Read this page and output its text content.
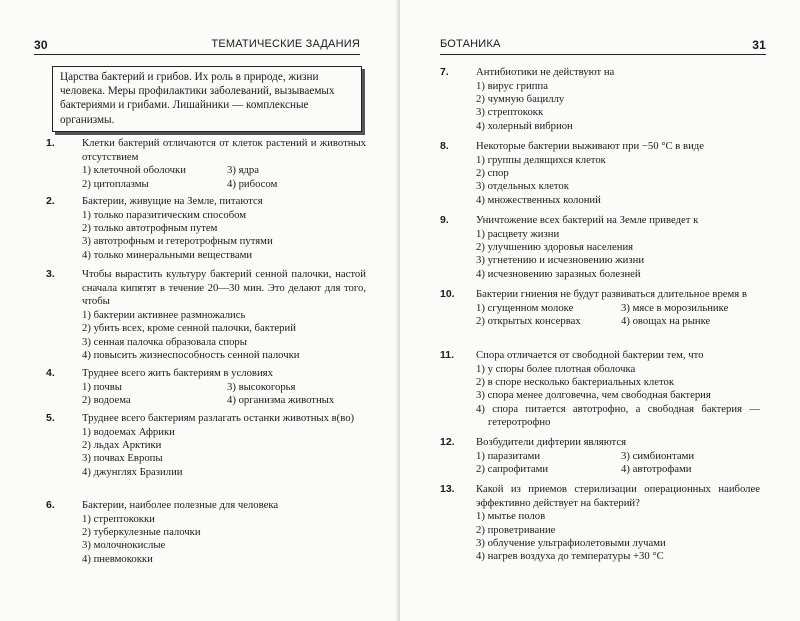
30	ТЕМАТИЧЕСКИЕ ЗАДАНИЯ
Царства бактерий и грибов. Их роль в природе, жизни человека. Меры профилактики заболеваний, вызываемых бактериями и грибами. Лишайники — комплексные организмы.
1.	Клетки бактерий отличаются от клеток растений и животных отсутствием
1) клеточной оболочки	3) ядра
2) цитоплазмы	4) рибосом
2.	Бактерии, живущие на Земле, питаются
1) только паразитическим способом
2) только автотрофным путем
3) автотрофным и гетеротрофным путями
4) только минеральными веществами
3.	Чтобы вырастить культуру бактерий сенной палочки, настой сначала кипятят в течение 20—30 мин. Это делают для того, чтобы
1) бактерии активнее размножались
2) убить всех, кроме сенной палочки, бактерий
3) сенная палочка образовала споры
4) повысить жизнеспособность сенной палочки
4.	Труднее всего жить бактериям в условиях
1) почвы	3) высокогорья
2) водоема	4) организма животных
5.	Труднее всего бактериям разлагать останки животных в(во)
1) водоемах Африки
2) льдах Арктики
3) почвах Европы
4) джунглях Бразилии
6.	Бактерии, наиболее полезные для человека
1) стрептококки
2) туберкулезные палочки
3) молочнокислые
4) пневмококки
БОТАНИКА	31
7.	Антибиотики не действуют на
1) вирус гриппа
2) чумную бациллу
3) стрептококк
4) холерный вибрион
8.	Некоторые бактерии выживают при −50 °С в виде
1) группы делящихся клеток
2) спор
3) отдельных клеток
4) множественных колоний
9.	Уничтожение всех бактерий на Земле приведет к
1) расцвету жизни
2) улучшению здоровья населения
3) угнетению и исчезновению жизни
4) исчезновению заразных болезней
10.	Бактерии гниения не будут развиваться длительное время в
1) сгущенном молоке	3) мясе в морозильнике
2) открытых консервах	4) овощах на рынке
11.	Спора отличается от свободной бактерии тем, что
1) у споры более плотная оболочка
2) в споре несколько бактериальных клеток
3) спора менее долговечна, чем свободная бактерия
4) спора питается автотрофно, а свободная бактерия — гетеротрофно
12.	Возбудители дифтерии являются
1) паразитами	3) симбионтами
2) сапрофитами	4) автотрофами
13.	Какой из приемов стерилизации операционных наиболее эффективно действует на бактерий?
1) мытье полов
2) проветривание
3) облучение ультрафиолетовыми лучами
4) нагрев воздуха до температуры +30 °С
